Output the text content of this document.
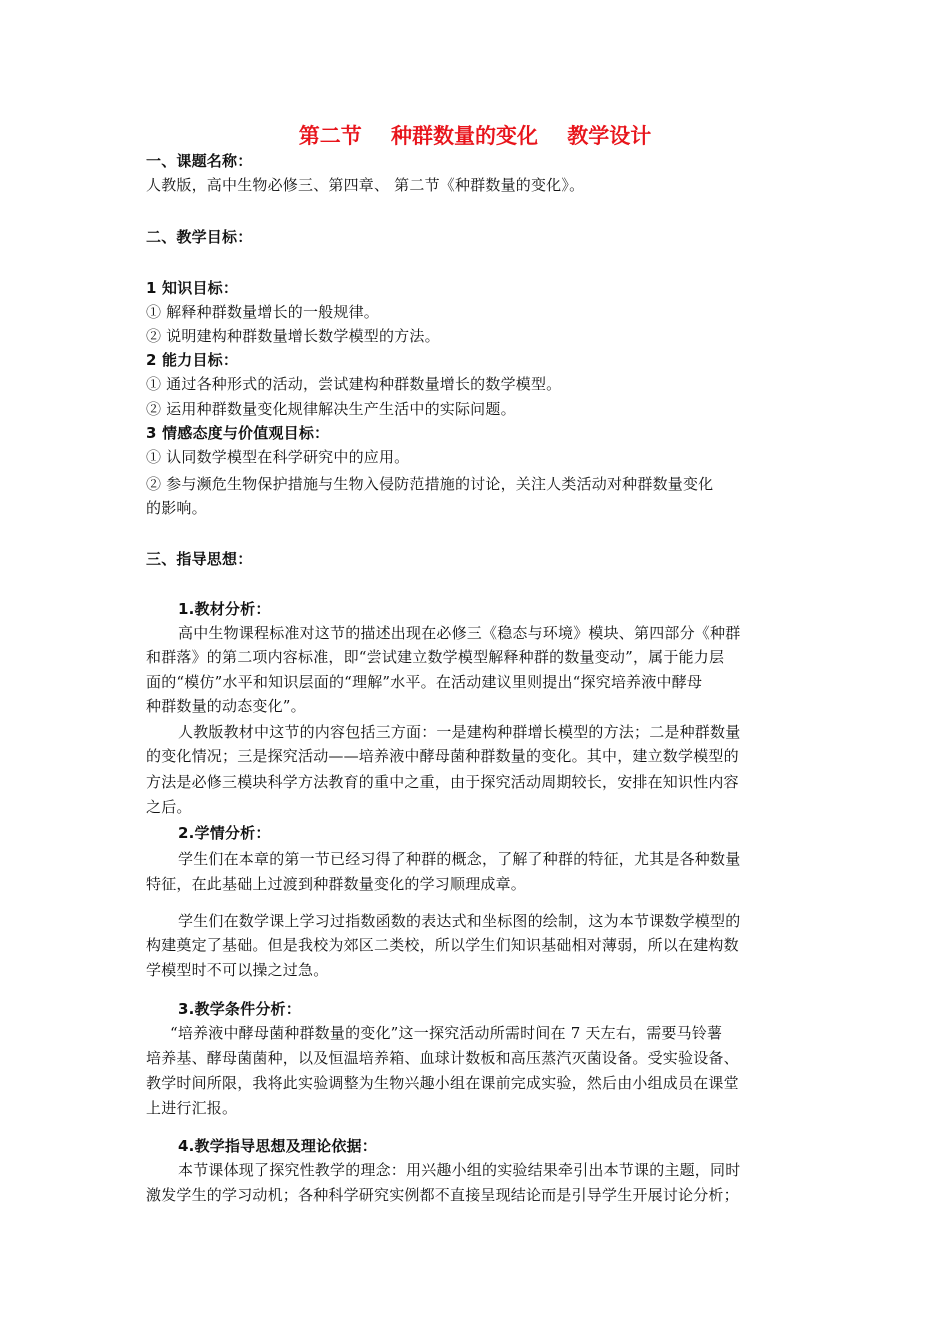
第二节    种群数量的变化    教学设计
一、课题名称：
人教版，高中生物必修三、第四章、 第二节《种群数量的变化》。
二、教学目标：
1 知识目标：
① 解释种群数量增长的一般规律。
② 说明建构种群数量增长数学模型的方法。
2 能力目标：
① 通过各种形式的活动，尝试建构种群数量增长的数学模型。
② 运用种群数量变化规律解决生产生活中的实际问题。
3 情感态度与价值观目标：
① 认同数学模型在科学研究中的应用。
② 参与濒危生物保护措施与生物入侵防范措施的讨论，关注人类活动对种群数量变化
的影响。
三、指导思想：
1.教材分析：
高中生物课程标准对这节的描述出现在必修三《稳态与环境》模块、第四部分《种群
和群落》的第二项内容标准，即“尝试建立数学模型解释种群的数量变动”，属于能力层
面的“模仿”水平和知识层面的“理解”水平。在活动建议里则提出“探究培养液中酵母
种群数量的动态变化”。
人教版教材中这节的内容包括三方面：一是建构种群增长模型的方法；二是种群数量
的变化情况；三是探究活动——培养液中酵母菌种群数量的变化。其中，建立数学模型的
方法是必修三模块科学方法教育的重中之重，由于探究活动周期较长，安排在知识性内容
之后。
2.学情分析：
学生们在本章的第一节已经习得了种群的概念，了解了种群的特征，尤其是各种数量
特征，在此基础上过渡到种群数量变化的学习顺理成章。
学生们在数学课上学习过指数函数的表达式和坐标图的绘制，这为本节课数学模型的
构建奠定了基础。但是我校为郊区二类校，所以学生们知识基础相对薄弱，所以在建构数
学模型时不可以操之过急。
3.教学条件分析：
“培养液中酵母菌种群数量的变化”这一探究活动所需时间在 7 天左右，需要马铃薯
培养基、酵母菌菌种，以及恒温培养箱、血球计数板和高压蒸汽灭菌设备。受实验设备、
教学时间所限，我将此实验调整为生物兴趣小组在课前完成实验，然后由小组成员在课堂
上进行汇报。
4.教学指导思想及理论依据：
本节课体现了探究性教学的理念：用兴趣小组的实验结果牵引出本节课的主题，同时
激发学生的学习动机；各种科学研究实例都不直接呈现结论而是引导学生开展讨论分析；
